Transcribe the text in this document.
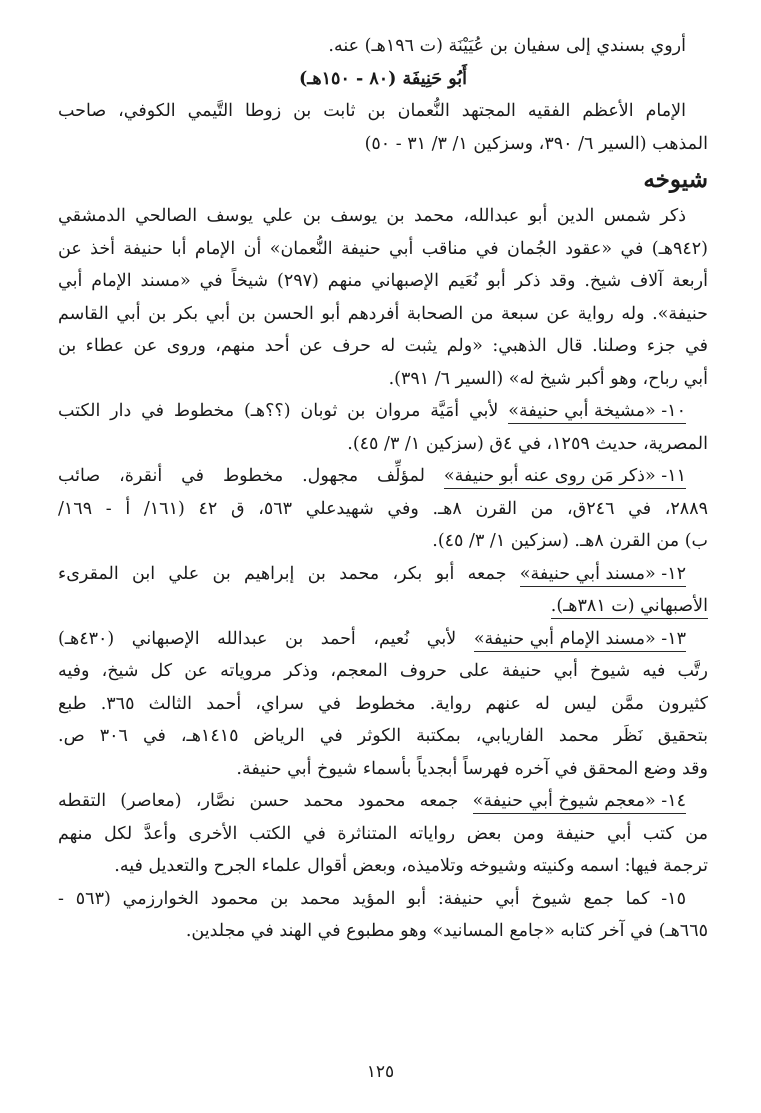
أروي بسندي إلى سفيان بن عُيَيْنَة (ت ١٩٦هـ) عنه.
أَبُو حَنِيفَة (٨٠ - ١٥٠هـ)
الإمام الأعظم الفقيه المجتهد النُّعمان بن ثابت بن زوطا التَّيمي الكوفي، صاحب
المذهب (السير ٦/ ٣٩٠، وسزكين ١/ ٣/ ٣١ - ٥٠)
شيوخه
ذكر شمس الدين أبو عبدالله، محمد بن يوسف بن علي يوسف الصالحي الدمشقي
(٩٤٢هـ) في «عقود الجُمان في مناقب أبي حنيفة النُّعمان» أن الإمام أبا حنيفة أخذ عن
أربعة آلاف شيخ. وقد ذكر أبو نُعَيم الإصبهاني منهم (٢٩٧) شيخاً في «مسند الإمام أبي
حنيفة». وله رواية عن سبعة من الصحابة أفردهم أبو الحسن بن أبي بكر بن أبي القاسم
في جزء وصلنا. قال الذهبي: «ولم يثبت له حرف عن أحد منهم، وروى عن عطاء بن
أبي رباح، وهو أكبر شيخ له» (السير ٦/ ٣٩١).
١٠- «مشيخة أبي حنيفة» لأبي أمَيَّة مروان بن ثوبان (؟؟هـ) مخطوط في دار الكتب
المصرية، حديث ١٢٥٩، في ٤ق (سزكين ١/ ٣/ ٤٥).
١١- «ذكر مَن روى عنه أبو حنيفة» لمؤلِّف مجهول. مخطوط في أنقرة، صائب
٢٨٨٩، في ٢٤٦ق، من القرن ٨هـ. وفي شهيدعلي ٥٦٣، ق ٤٢ (١٦١/ أ - ١٦٩/
ب) من القرن ٨هـ. (سزكين ١/ ٣/ ٤٥).
١٢- «مسند أبي حنيفة» جمعه أبو بكر، محمد بن إبراهيم بن علي ابن المقرىء
الأصبهاني (ت ٣٨١هـ).
١٣- «مسند الإمام أبي حنيفة» لأبي نُعيم، أحمد بن عبدالله الإصبهاني (٤٣٠هـ)
رتَّب فيه شيوخ أبي حنيفة على حروف المعجم، وذكر مروياته عن كل شيخ، وفيه
كثيرون ممَّن ليس له عنهم رواية. مخطوط في سراي، أحمد الثالث ٣٦٥. طبع
بتحقيق نَظَر محمد الفاريابي، بمكتبة الكوثر في الرياض ١٤١٥هـ، في ٣٠٦ ص.
وقد وضع المحقق في آخره فهرساً أبجدياً بأسماء شيوخ أبي حنيفة.
١٤- «معجم شيوخ أبي حنيفة» جمعه محمود محمد حسن نصَّار، (معاصر) التقطه
من كتب أبي حنيفة ومن بعض رواياته المتناثرة في الكتب الأخرى وأعدَّ لكل منهم
ترجمة فيها: اسمه وكنيته وشيوخه وتلاميذه، وبعض أقوال علماء الجرح والتعديل فيه.
١٥- كما جمع شيوخ أبي حنيفة: أبو المؤيد محمد بن محمود الخوارزمي (٥٦٣ -
٦٦٥هـ) في آخر كتابه «جامع المسانيد» وهو مطبوع في الهند في مجلدين.
١٢٥
